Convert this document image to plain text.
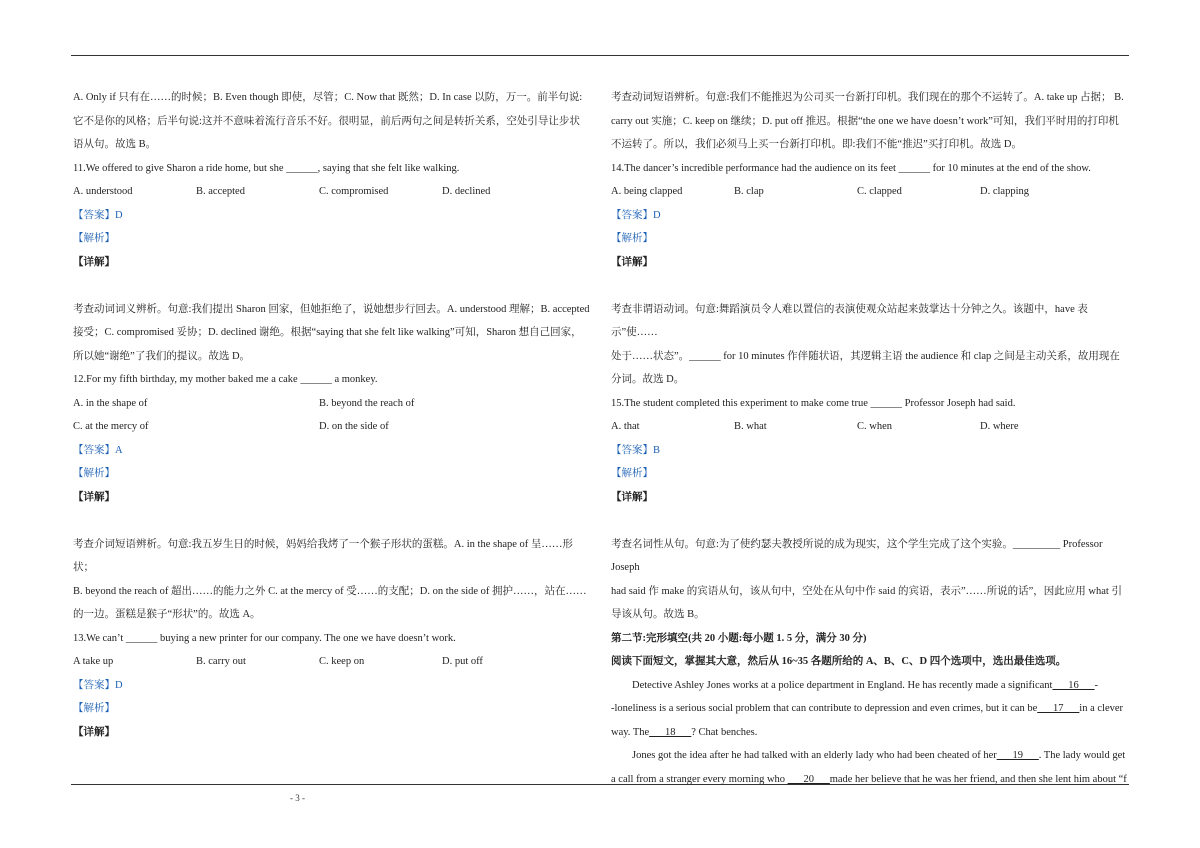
A. Only if 只有在……的时候；B. Even though 即使，尽管；C. Now that 既然；D. In case 以防，万一。前半句说:

它不是你的风格；后半句说:这并不意味着流行音乐不好。很明显，前后两句之间是转折关系，空处引导让步状

语从句。故选 B。

11.We offered to give Sharon a ride home, but she ______, saying that she felt like walking.

A. understood	B. accepted	C. compromised	D. declined

【答案】D

【解析】

【详解】

考查动词词义辨析。句意:我们提出 Sharon 回家，但她拒绝了，说她想步行回去。A. understood 理解；B. accepted

接受；C. compromised 妥协；D. declined 谢绝。根据“saying that she felt like walking”可知，Sharon 想自己回家，

所以她“谢绝”了我们的提议。故选 D。

12.For my fifth birthday, my mother baked me a cake ______ a monkey.

A. in the shape of	B. beyond the reach of
C. at the mercy of	D. on the side of

【答案】A

【解析】

【详解】

考查介词短语辨析。句意:我五岁生日的时候，妈妈给我烤了一个猴子形状的蛋糕。A. in the shape of 呈……形状；

B. beyond the reach of 超出……的能力之外 C. at the mercy of 受……的支配；D. on the side of 拥护……，站在……

的一边。蛋糕是猴子“形状”的。故选 A。

13.We can’t ______ buying a new printer for our company. The one we have doesn’t work.

A take up	B. carry out	C. keep on	D. put off

【答案】D

【解析】

【详解】

考查动词短语辨析。句意:我们不能推迟为公司买一台新打印机。我们现在的那个不运转了。A. take up 占据； B.

carry out 实施；C. keep on 继续；D. put off 推迟。根据“the one we have doesn’t work”可知，我们平时用的打印机

不运转了。所以，我们必须马上买一台新打印机。即:我们不能“推迟”买打印机。故选 D。

14.The dancer’s incredible performance had the audience on its feet ______ for 10 minutes at the end of the show.

A. being clapped	B. clap	C. clapped	D. clapping

【答案】D

【解析】

【详解】

考查非谓语动词。句意:舞蹈演员令人难以置信的表演使观众站起来鼓掌达十分钟之久。该题中，have 表示”使……

处于……状态”。______ for 10 minutes 作伴随状语，其逻辑主语 the audience 和 clap 之间是主动关系，故用现在

分词。故选 D。

15.The student completed this experiment to make come true ______ Professor Joseph had said.

A. that	B. what	C. when	D. where

【答案】B

【解析】

【详解】

考查名词性从句。句意:为了使约瑟夫教授所说的成为现实，这个学生完成了这个实验。_________ Professor Joseph

had said 作 make 的宾语从句，该从句中，空处在从句中作 said 的宾语，表示”……所说的话”，因此应用 what 引

导该从句。故选 B。

第二节:完形填空(共 20 小题:每小题 1. 5 分，满分 30 分)

阅读下面短文，掌握其大意，然后从 16~35 各题所给的 A、B、C、D 四个选项中，选出最佳选项。

Detective Ashley Jones works at a police department in England. He has recently made a significant___16___-

-loneliness is a serious social problem that can contribute to depression and even crimes, but it can be___17___in a clever

way. The___18___? Chat benches.

Jones got the idea after he had talked with an elderly lady who had been cheated of her___19___. The lady would get

a call from a stranger every morning who ___20___made her believe that he was her friend, and then she lent him about “f

- 3 -
